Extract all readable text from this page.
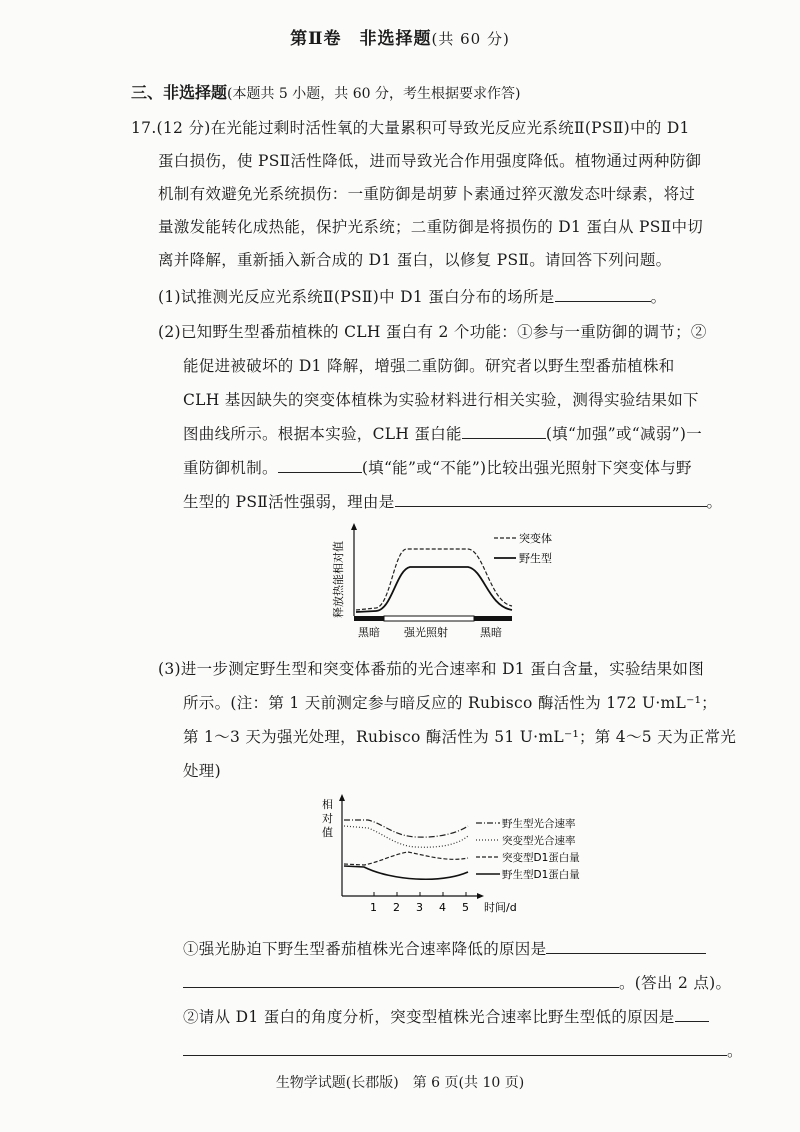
第Ⅱ卷　非选择题(共 60 分)
三、非选择题(本题共 5 小题，共 60 分，考生根据要求作答)
17.(12 分)在光能过剩时活性氧的大量累积可导致光反应光系统Ⅱ(PSⅡ)中的 D1
蛋白损伤，使 PSⅡ活性降低，进而导致光合作用强度降低。植物通过两种防御
机制有效避免光系统损伤：一重防御是胡萝卜素通过猝灭激发态叶绿素，将过
量激发能转化成热能，保护光系统；二重防御是将损伤的 D1 蛋白从 PSⅡ中切
离并降解，重新插入新合成的 D1 蛋白，以修复 PSⅡ。请回答下列问题。
(1)试推测光反应光系统Ⅱ(PSⅡ)中 D1 蛋白分布的场所是	。
(2)已知野生型番茄植株的 CLH 蛋白有 2 个功能：①参与一重防御的调节；②
能促进被破坏的 D1 降解，增强二重防御。研究者以野生型番茄植株和
CLH 基因缺失的突变体植株为实验材料进行相关实验，测得实验结果如下
图曲线所示。根据本实验，CLH 蛋白能	(填“加强”或“减弱”)一
重防御机制。	(填“能”或“不能”)比较出强光照射下突变体与野
生型的 PSⅡ活性强弱，理由是	。
释放热能相对值
突变体
野生型
黑暗 强光照射	黑暗
(3)进一步测定野生型和突变体番茄的光合速率和 D1 蛋白含量，实验结果如图
所示。(注：第 1 天前测定参与暗反应的 Rubisco 酶活性为 172 U·mL⁻¹；
第 1～3 天为强光处理，Rubisco 酶活性为 51 U·mL⁻¹；第 4～5 天为正常光
处理)
相
对
值
1 2 3 4 5 时间/d
野生型光合速率
突变型光合速率
突变型D1蛋白量
野生型D1蛋白量
①强光胁迫下野生型番茄植株光合速率降低的原因是
。(答出 2 点)。
②请从 D1 蛋白的角度分析，突变型植株光合速率比野生型低的原因是
。
生物学试题(长郡版)　第 6 页(共 10 页)
